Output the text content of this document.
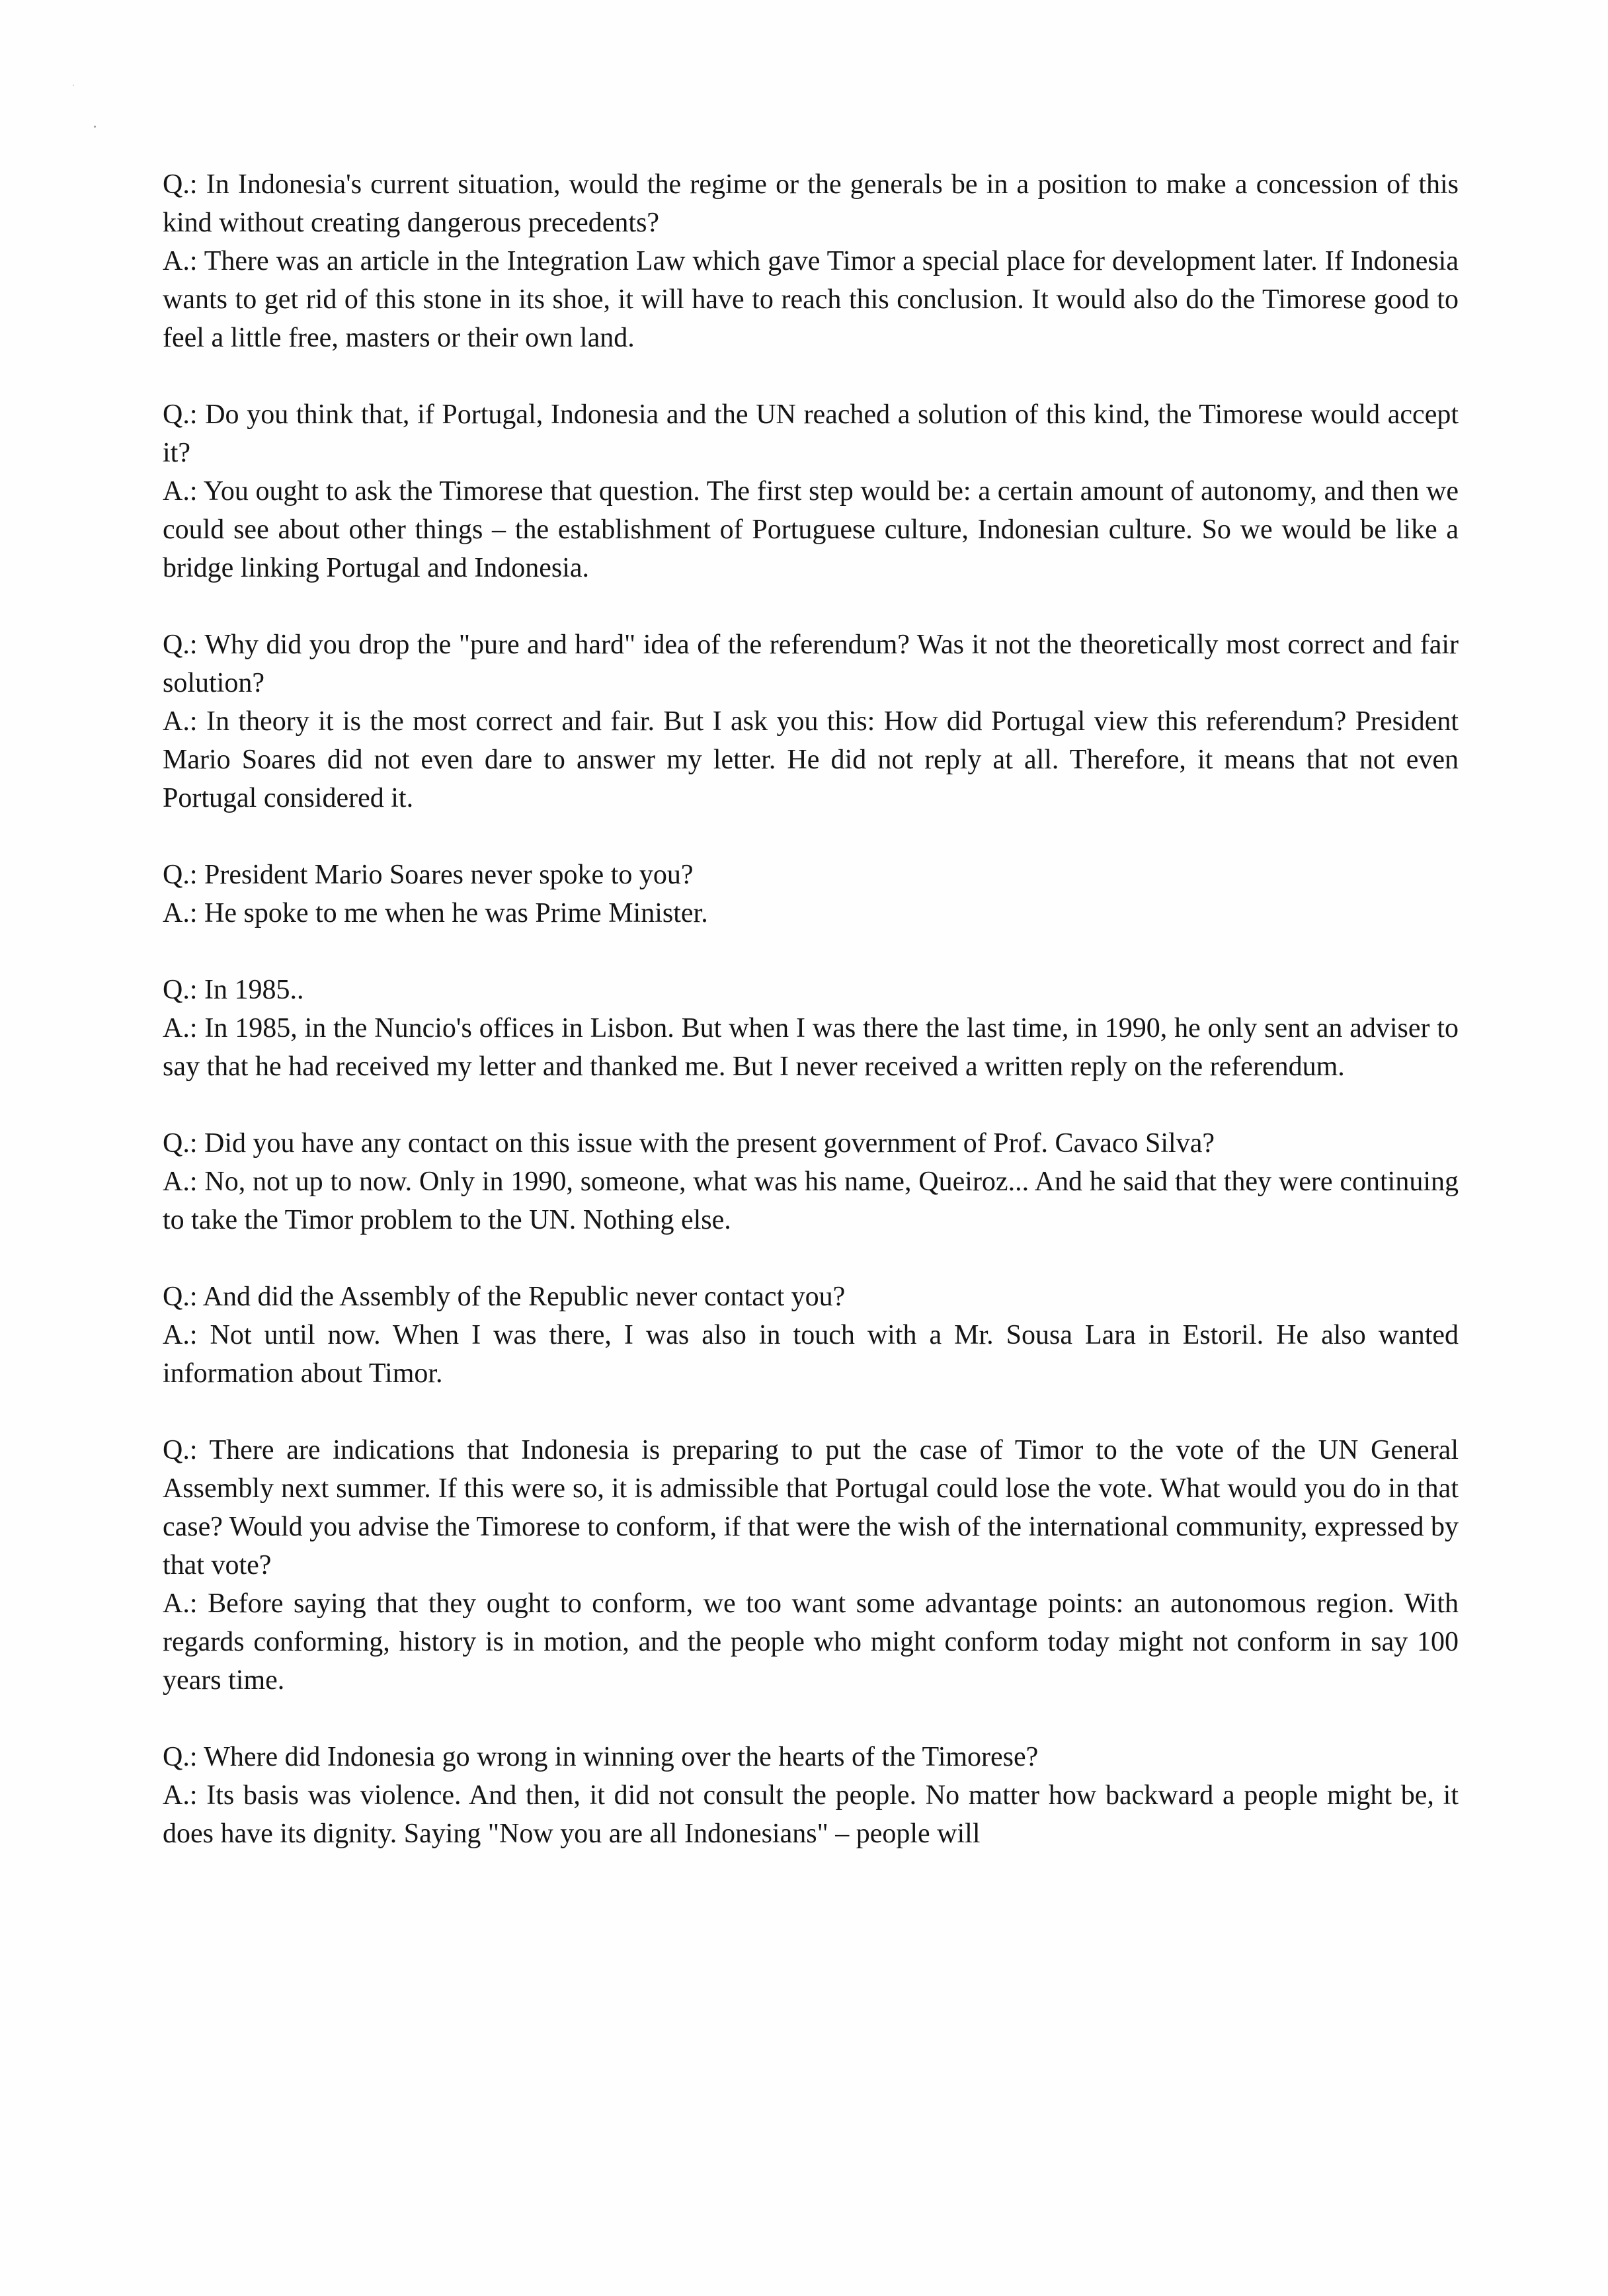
Q.: In Indonesia's current situation, would the regime or the generals be in a position to make a concession of this kind without creating dangerous precedents?

A.: There was an article in the Integration Law which gave Timor a special place for development later. If Indonesia wants to get rid of this stone in its shoe, it will have to reach this conclusion. It would also do the Timorese good to feel a little free, masters or their own land.

Q.: Do you think that, if Portugal, Indonesia and the UN reached a solution of this kind, the Timorese would accept it?

A.: You ought to ask the Timorese that question. The first step would be: a certain amount of autonomy, and then we could see about other things – the establishment of Portuguese culture, Indonesian culture. So we would be like a bridge linking Portugal and Indonesia.

Q.: Why did you drop the "pure and hard" idea of the referendum? Was it not the theoretically most correct and fair solution?

A.: In theory it is the most correct and fair. But I ask you this: How did Portugal view this referendum? President Mario Soares did not even dare to answer my letter. He did not reply at all. Therefore, it means that not even Portugal considered it.

Q.: President Mario Soares never spoke to you?

A.: He spoke to me when he was Prime Minister.

Q.: In 1985..

A.: In 1985, in the Nuncio's offices in Lisbon. But when I was there the last time, in 1990, he only sent an adviser to say that he had received my letter and thanked me. But I never received a written reply on the referendum.

Q.: Did you have any contact on this issue with the present government of Prof. Cavaco Silva?

A.: No, not up to now. Only in 1990, someone, what was his name, Queiroz... And he said that they were continuing to take the Timor problem to the UN. Nothing else.

Q.: And did the Assembly of the Republic never contact you?

A.: Not until now. When I was there, I was also in touch with a Mr. Sousa Lara in Estoril. He also wanted information about Timor.

Q.: There are indications that Indonesia is preparing to put the case of Timor to the vote of the UN General Assembly next summer. If this were so, it is admissible that Portugal could lose the vote. What would you do in that case? Would you advise the Timorese to conform, if that were the wish of the international community, expressed by that vote?

A.: Before saying that they ought to conform, we too want some advantage points: an autonomous region. With regards conforming, history is in motion, and the people who might conform today might not conform in say 100 years time.

Q.: Where did Indonesia go wrong in winning over the hearts of the Timorese?

A.: Its basis was violence. And then, it did not consult the people. No matter how backward a people might be, it does have its dignity. Saying "Now you are all Indonesians" – people will
